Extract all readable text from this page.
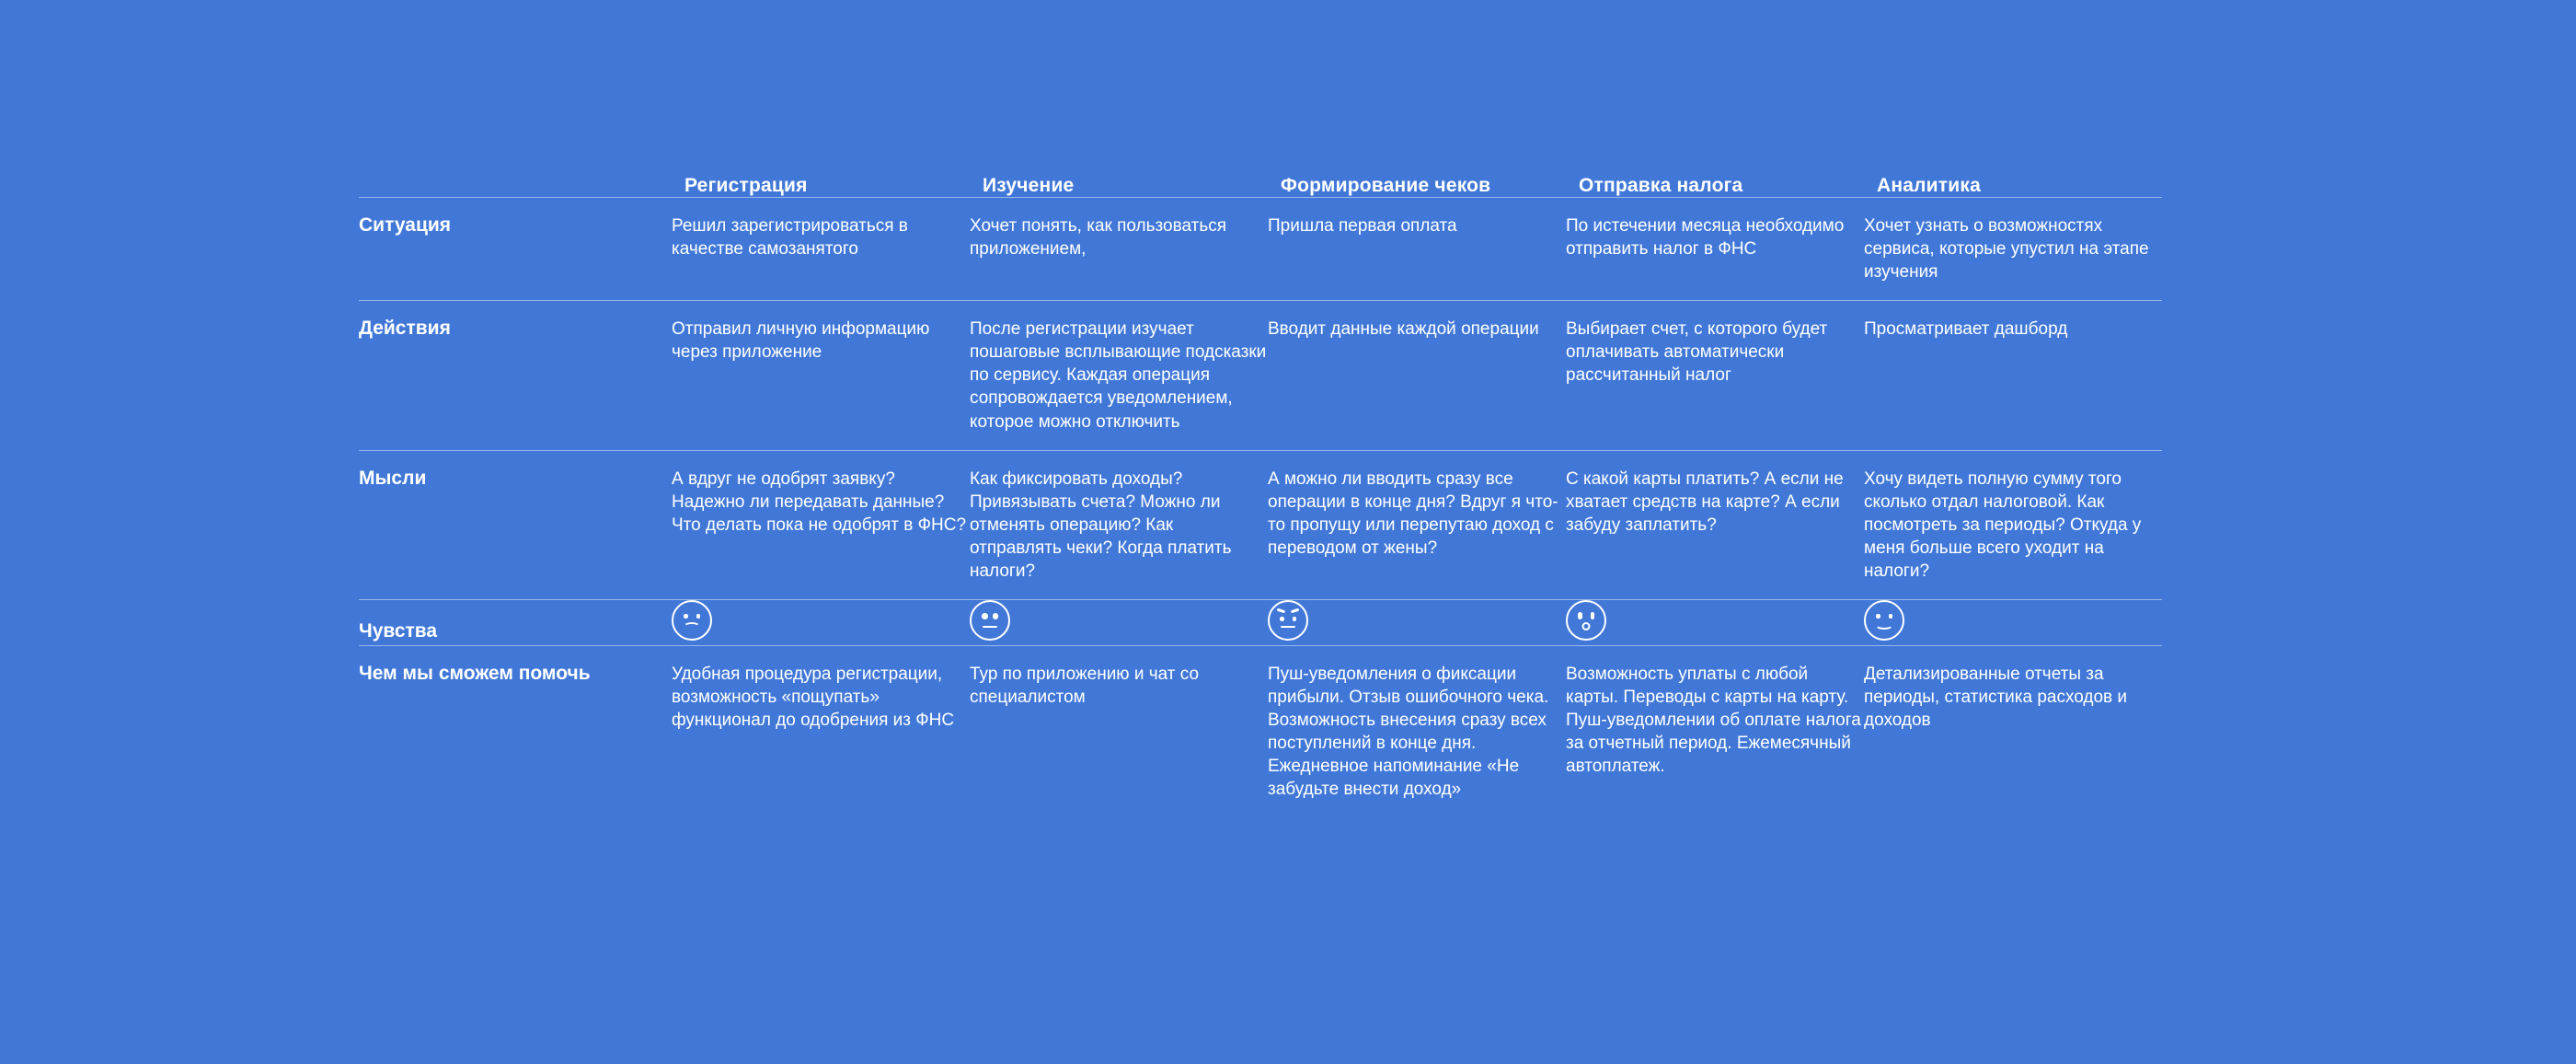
	Регистрация	Изучение	Формирование чеков	Отправка налога	Аналитика

Ситуация	Решил зарегистрироваться в качестве самозанятого	Хочет понять, как пользоваться приложением,	Пришла первая оплата	По истечении месяца необходимо отправить налог в ФНС	Хочет узнать о возможностях сервиса, которые упустил на этапе изучения

Действия	Отправил личную информацию через приложение	После регистрации изучает пошаговые всплывающие подсказки по сервису. Каждая операция сопровождается уведомлением, которое можно отключить	Вводит данные каждой операции	Выбирает счет, с которого будет оплачивать автоматически рассчитанный налог	Просматривает дашборд

Мысли	А вдруг не одобрят заявку? Надежно ли передавать данные? Что делать пока не одобрят в ФНС?	Как фиксировать доходы? Привязывать счета? Можно ли отменять операцию? Как отправлять чеки? Когда платить налоги?	А можно ли вводить сразу все операции в конце дня? Вдруг я что-то пропущу или перепутаю доход с переводом от жены?	С какой карты платить? А если не хватает средств на карте? А если забуду заплатить?	Хочу видеть полную сумму того сколько отдал налоговой. Как посмотреть за периоды? Откуда у меня больше всего уходит на налоги?

Чувства	

Чем мы сможем помочь	Удобная процедура регистрации, возможность «пощупать» функционал до одобрения из ФНС	Тур по приложению и чат со специалистом	Пуш-уведомления о фиксации прибыли. Отзыв ошибочного чека. Возможность внесения сразу всех поступлений в конце дня. Ежедневное напоминание «Не забудьте внести доход»	Возможность уплаты с любой карты. Переводы с карты на карту. Пуш-уведомлении об оплате налога за отчетный период. Ежемесячный автоплатеж.	Детализированные отчеты за периоды, статистика расходов и доходов
